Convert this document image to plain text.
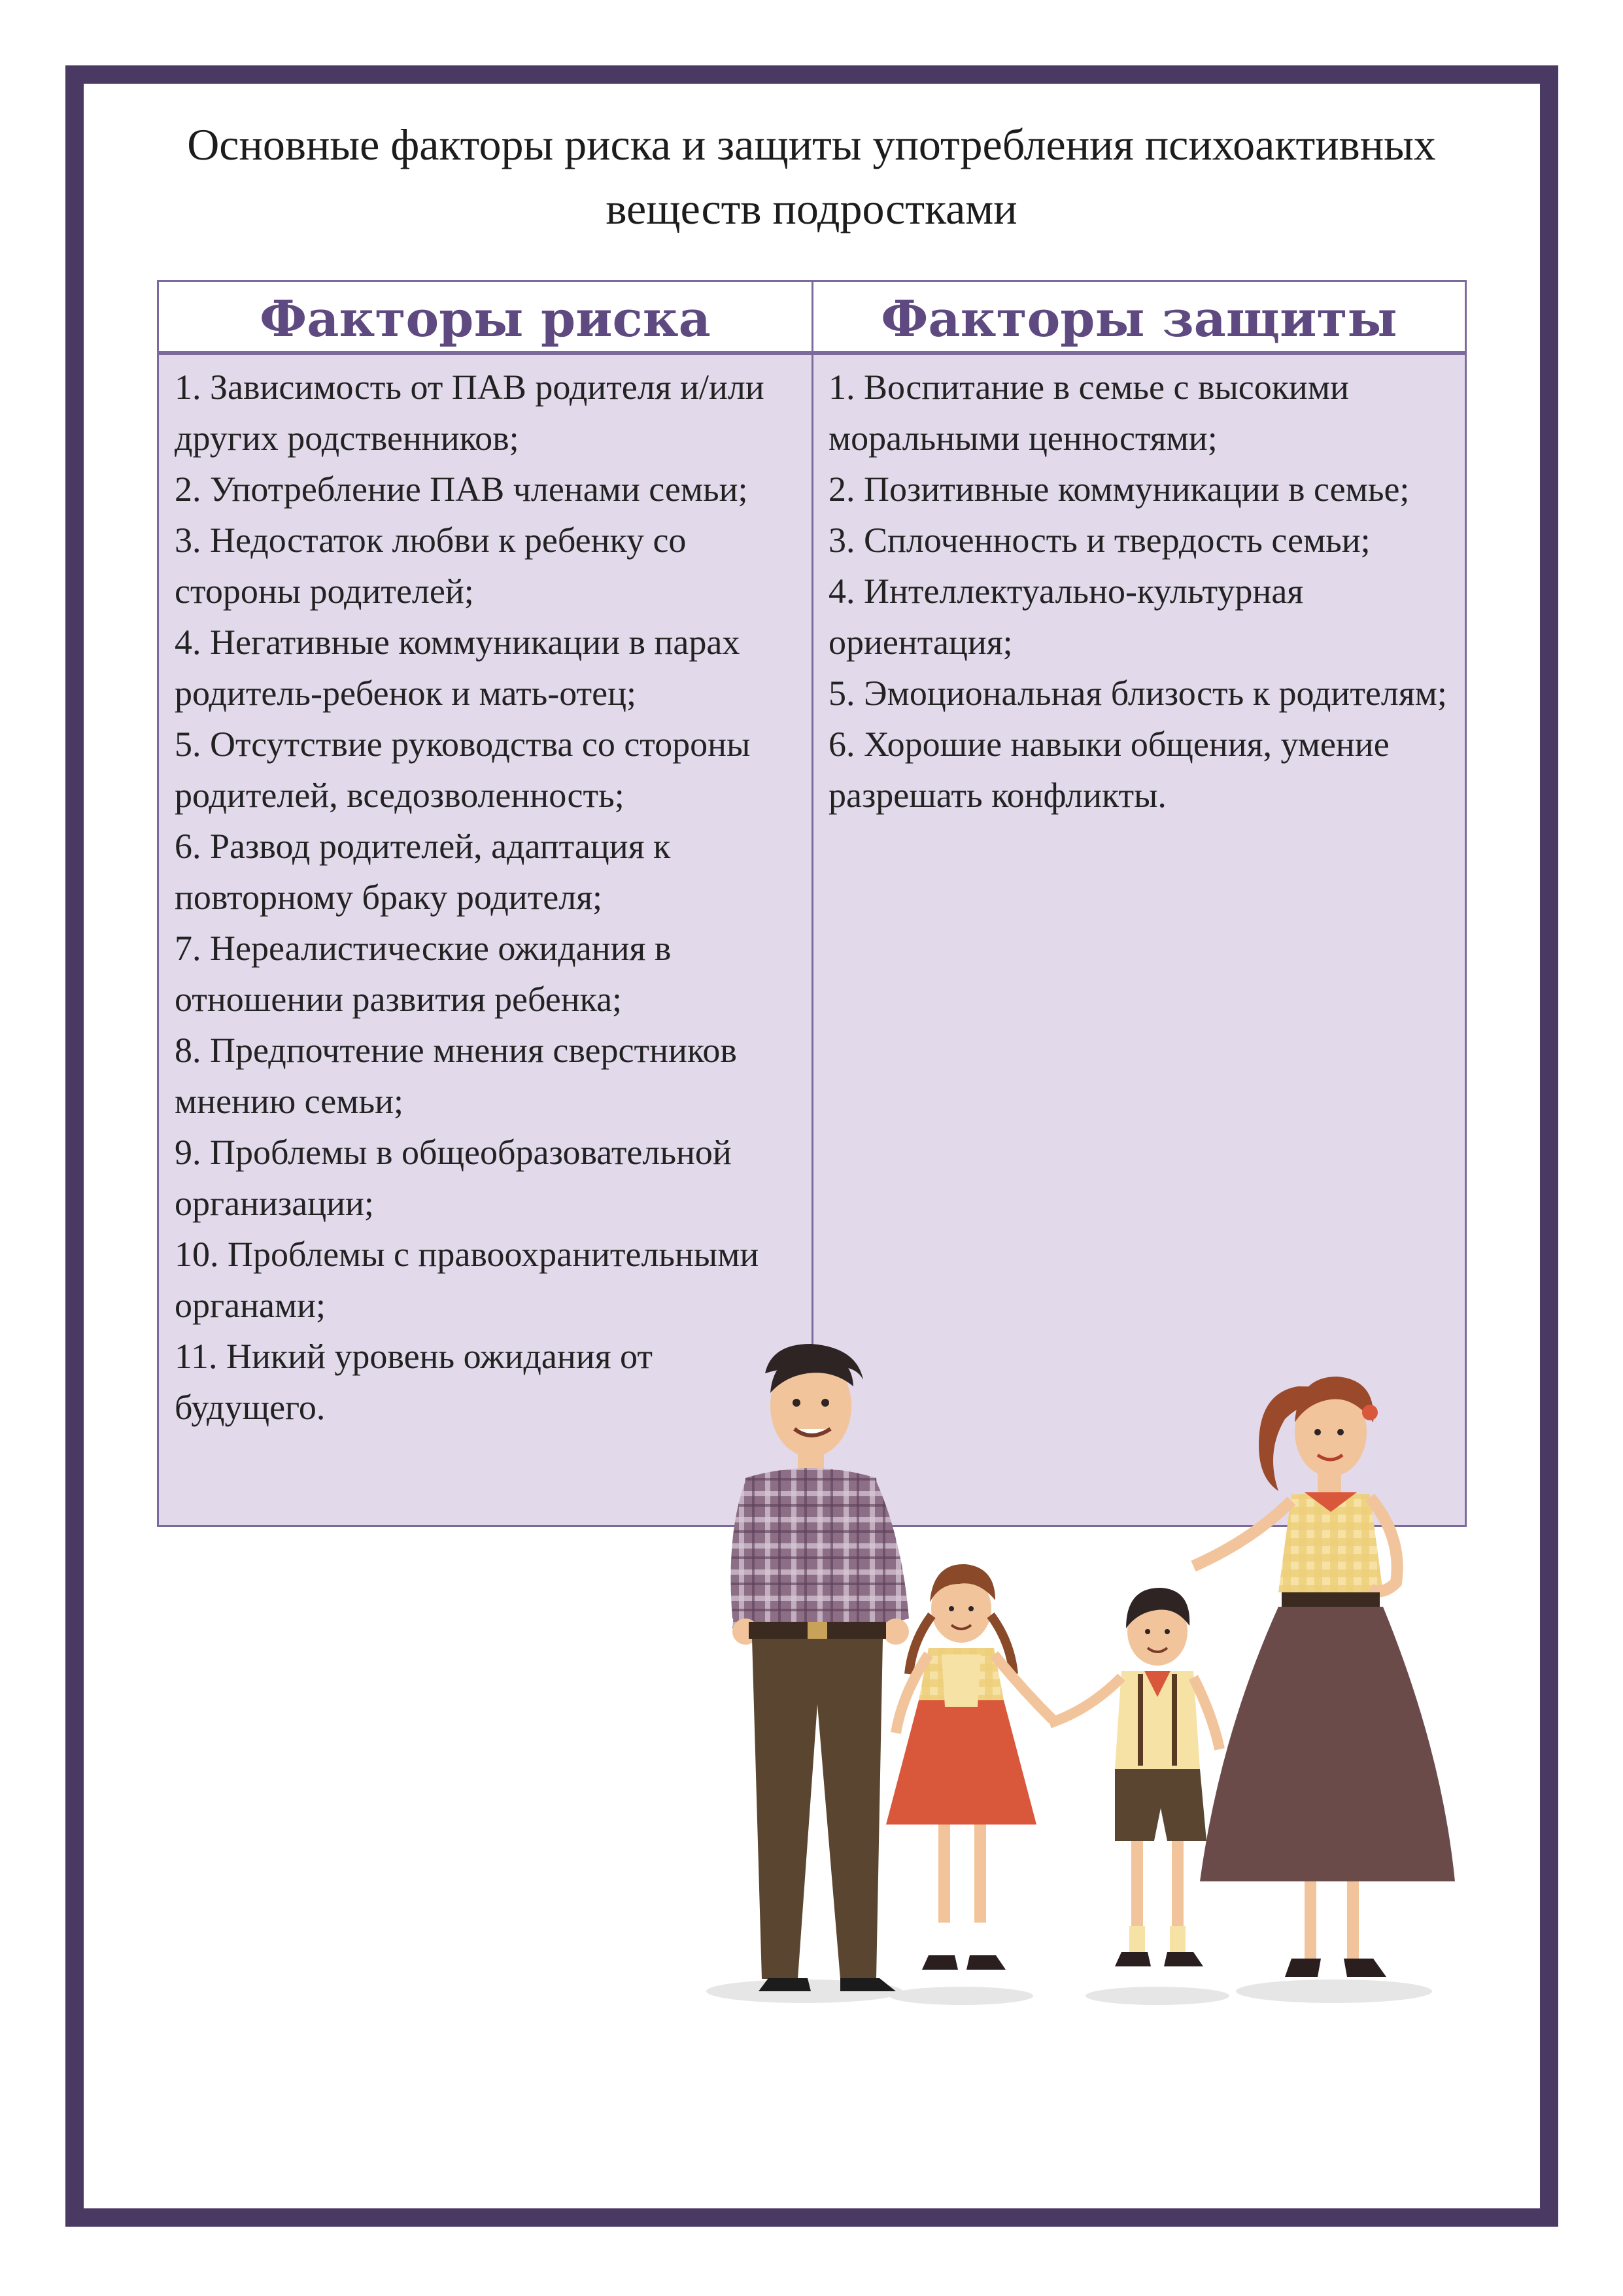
Основные факторы риска и защиты употребления психоактивных
веществ подростками
Факторы риска	Факторы защиты
1. Зависимость от ПАВ родителя и/или других родственников;
2. Употребление ПАВ членами семьи;
3. Недостаток любви к ребенку со стороны родителей;
4. Негативные коммуникации в парах родитель-ребенок и мать-отец;
5. Отсутствие руководства со стороны родителей, вседозволенность;
6. Развод родителей, адаптация к повторному браку родителя;
7. Нереалистические ожидания в отношении развития ребенка;
8. Предпочтение мнения сверстников мнению семьи;
9. Проблемы в общеобразовательной организации;
10. Проблемы с правоохранительными органами;
11. Никий уровень ожидания от будущего.
1. Воспитание в семье с высокими моральными ценностями;
2. Позитивные коммуникации в семье;
3. Сплоченность и твердость семьи;
4. Интеллектуально-культурная ориентация;
5. Эмоциональная близость к родителям;
6. Хорошие навыки общения, умение разрешать конфликты.
